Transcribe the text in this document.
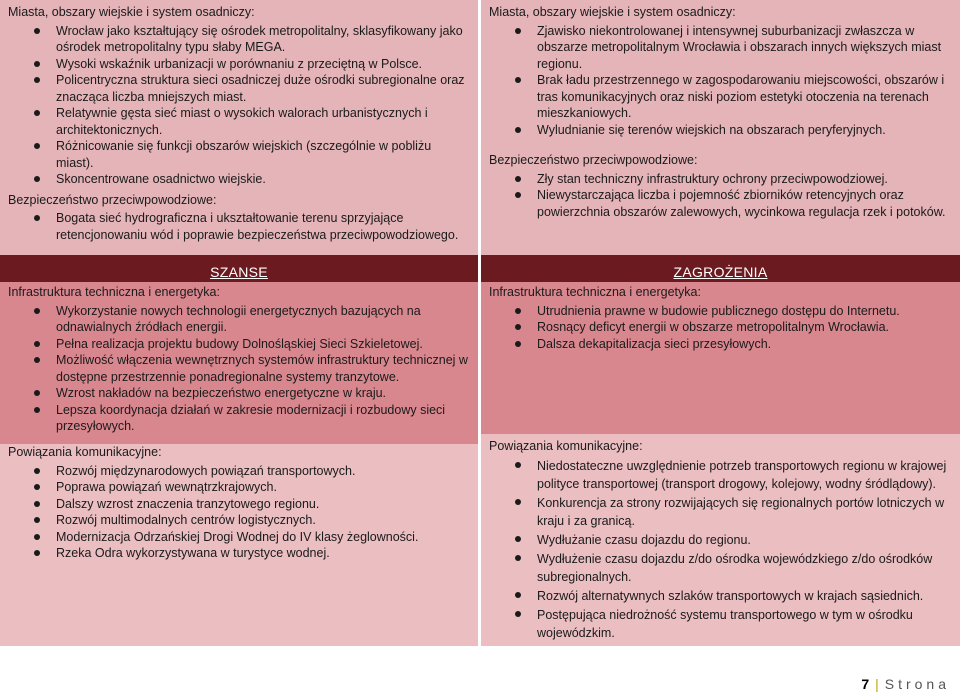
Miasta, obszary wiejskie i system osadniczy:

Wrocław jako kształtujący się ośrodek metropolitalny, sklasyfikowany jako ośrodek metropolitalny typu słaby MEGA.
Wysoki wskaźnik urbanizacji w porównaniu z przeciętną w Polsce.
Policentryczna struktura sieci osadniczej duże ośrodki subregionalne oraz znacząca liczba mniejszych miast.
Relatywnie gęsta sieć miast o wysokich walorach urbanistycznych i architektonicznych.
Różnicowanie się funkcji obszarów wiejskich (szczególnie w pobliżu miast).
Skoncentrowane osadnictwo wiejskie.

Bezpieczeństwo przeciwpowodziowe:

Bogata sieć hydrograficzna i ukształtowanie terenu sprzyjające retencjonowaniu wód i poprawie bezpieczeństwa przeciwpowodziowego.

Miasta, obszary wiejskie i system osadniczy:

Zjawisko niekontrolowanej i intensywnej suburbanizacji zwłaszcza w obszarze metropolitalnym Wrocławia i obszarach innych większych miast regionu.
Brak ładu przestrzennego w zagospodarowaniu miejscowości, obszarów i tras komunikacyjnych oraz niski poziom estetyki otoczenia na terenach mieszkaniowych.
Wyludnianie się terenów wiejskich na obszarach peryferyjnych.

Bezpieczeństwo przeciwpowodziowe:

Zły stan techniczny infrastruktury ochrony przeciwpowodziowej.
Niewystarczająca liczba i pojemność zbiorników retencyjnych oraz powierzchnia obszarów zalewowych, wycinkowa regulacja rzek i potoków.

Infrastruktura techniczna i energetyka:

Wykorzystanie nowych technologii energetycznych bazujących na odnawialnych źródłach energii.
Pełna realizacja projektu budowy Dolnośląskiej Sieci Szkieletowej.
Możliwość włączenia wewnętrznych systemów infrastruktury technicznej w dostępne przestrzennie ponadregionalne systemy tranzytowe.
Wzrost nakładów na bezpieczeństwo energetyczne w kraju.
Lepsza koordynacja działań w zakresie modernizacji i rozbudowy sieci przesyłowych.

Powiązania komunikacyjne:

Rozwój międzynarodowych powiązań transportowych.
Poprawa powiązań wewnątrzkrajowych.
Dalszy wzrost znaczenia tranzytowego regionu.
Rozwój multimodalnych centrów logistycznych.
Modernizacja Odrzańskiej Drogi Wodnej do IV klasy żeglowności.
Rzeka Odra wykorzystywana w turystyce wodnej.

Infrastruktura techniczna i energetyka:

Utrudnienia prawne w budowie publicznego dostępu do Internetu.
Rosnący deficyt energii w obszarze metropolitalnym Wrocławia.
Dalsza dekapitalizacja sieci przesyłowych.

Powiązania komunikacyjne:

Niedostateczne uwzględnienie potrzeb transportowych regionu w krajowej polityce transportowej (transport drogowy, kolejowy, wodny śródlądowy).
Konkurencja za strony rozwijających się regionalnych portów lotniczych w kraju i za granicą.
Wydłużanie czasu dojazdu do regionu.
Wydłużenie czasu dojazdu z/do ośrodka wojewódzkiego z/do ośrodków subregionalnych.
Rozwój alternatywnych szlaków transportowych w krajach sąsiednich.
Postępująca niedrożność systemu transportowego w tym w ośrodku wojewódzkim.
SZANSE	ZAGROŻENIA
7 | Strona
